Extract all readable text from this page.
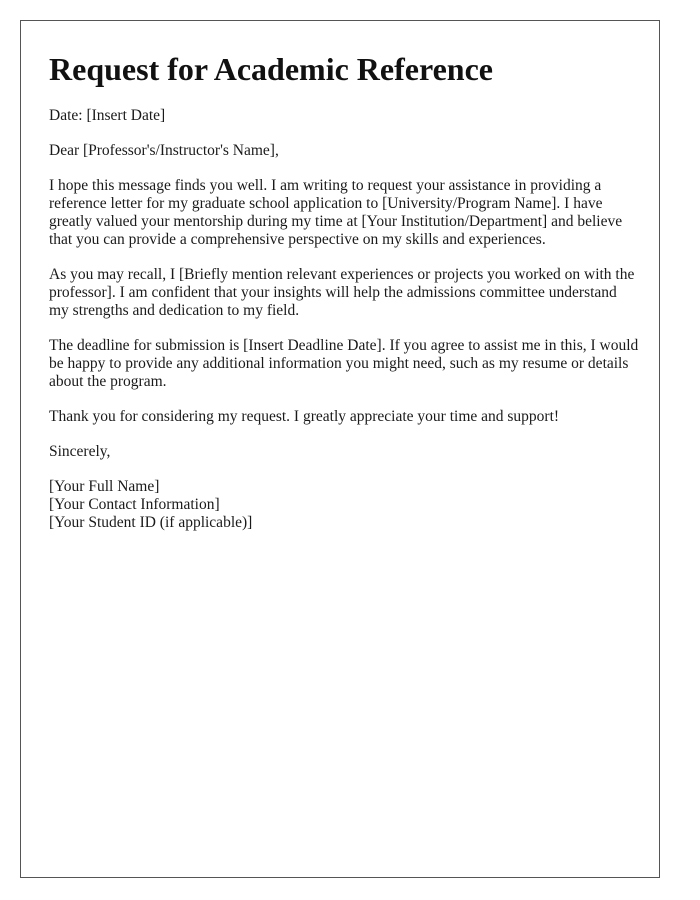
Request for Academic Reference

Date: [Insert Date]

Dear [Professor's/Instructor's Name],

I hope this message finds you well. I am writing to request your assistance in providing a reference letter for my graduate school application to [University/Program Name]. I have greatly valued your mentorship during my time at [Your Institution/Department] and believe that you can provide a comprehensive perspective on my skills and experiences.

As you may recall, I [Briefly mention relevant experiences or projects you worked on with the professor]. I am confident that your insights will help the admissions committee understand my strengths and dedication to my field.

The deadline for submission is [Insert Deadline Date]. If you agree to assist me in this, I would be happy to provide any additional information you might need, such as my resume or details about the program.

Thank you for considering my request. I greatly appreciate your time and support!

Sincerely,

[Your Full Name]
[Your Contact Information]
[Your Student ID (if applicable)]
